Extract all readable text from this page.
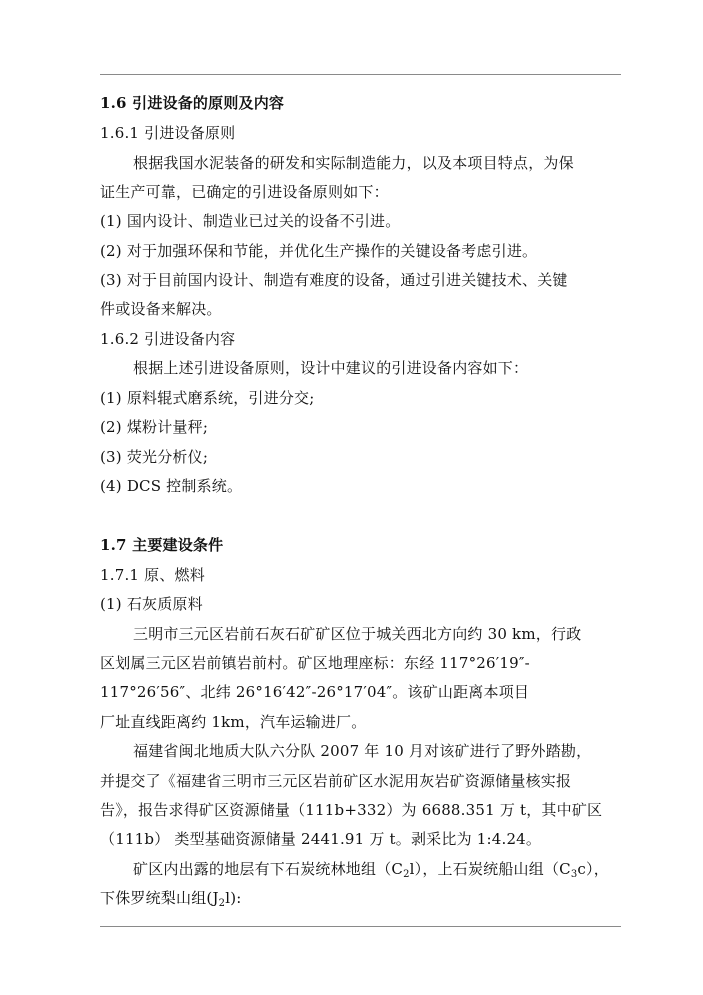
1.6 引进设备的原则及内容
1.6.1 引进设备原则
根据我国水泥装备的研发和实际制造能力，以及本项目特点，为保
证生产可靠，已确定的引进设备原则如下：
(1) 国内设计、制造业已过关的设备不引进。
(2) 对于加强环保和节能，并优化生产操作的关键设备考虑引进。
(3) 对于目前国内设计、制造有难度的设备，通过引进关键技术、关键
件或设备来解决。
1.6.2 引进设备内容
根据上述引进设备原则，设计中建议的引进设备内容如下：
(1) 原料辊式磨系统，引进分交;
(2) 煤粉计量秤;
(3) 荧光分析仪;
(4) DCS 控制系统。
1.7 主要建设条件
1.7.1 原、燃料
(1) 石灰质原料
三明市三元区岩前石灰石矿矿区位于城关西北方向约 30 km，行政
区划属三元区岩前镇岩前村。矿区地理座标：东经 117°26′19″-
117°26′56″、北纬 26°16′42″-26°17′04″。该矿山距离本项目
厂址直线距离约 1km，汽车运输进厂。
福建省闽北地质大队六分队 2007 年 10 月对该矿进行了野外踏勘，
并提交了《福建省三明市三元区岩前矿区水泥用灰岩矿资源储量核实报
告》，报告求得矿区资源储量（111b+332）为 6688.351 万 t，其中矿区
（111b） 类型基础资源储量 2441.91 万 t。剥采比为 1:4.24。
矿区内出露的地层有下石炭统林地组$(C_2l)$，上石炭统船山组$(C_3c)$，
下侏罗统梨山组$(J_2l)$:
